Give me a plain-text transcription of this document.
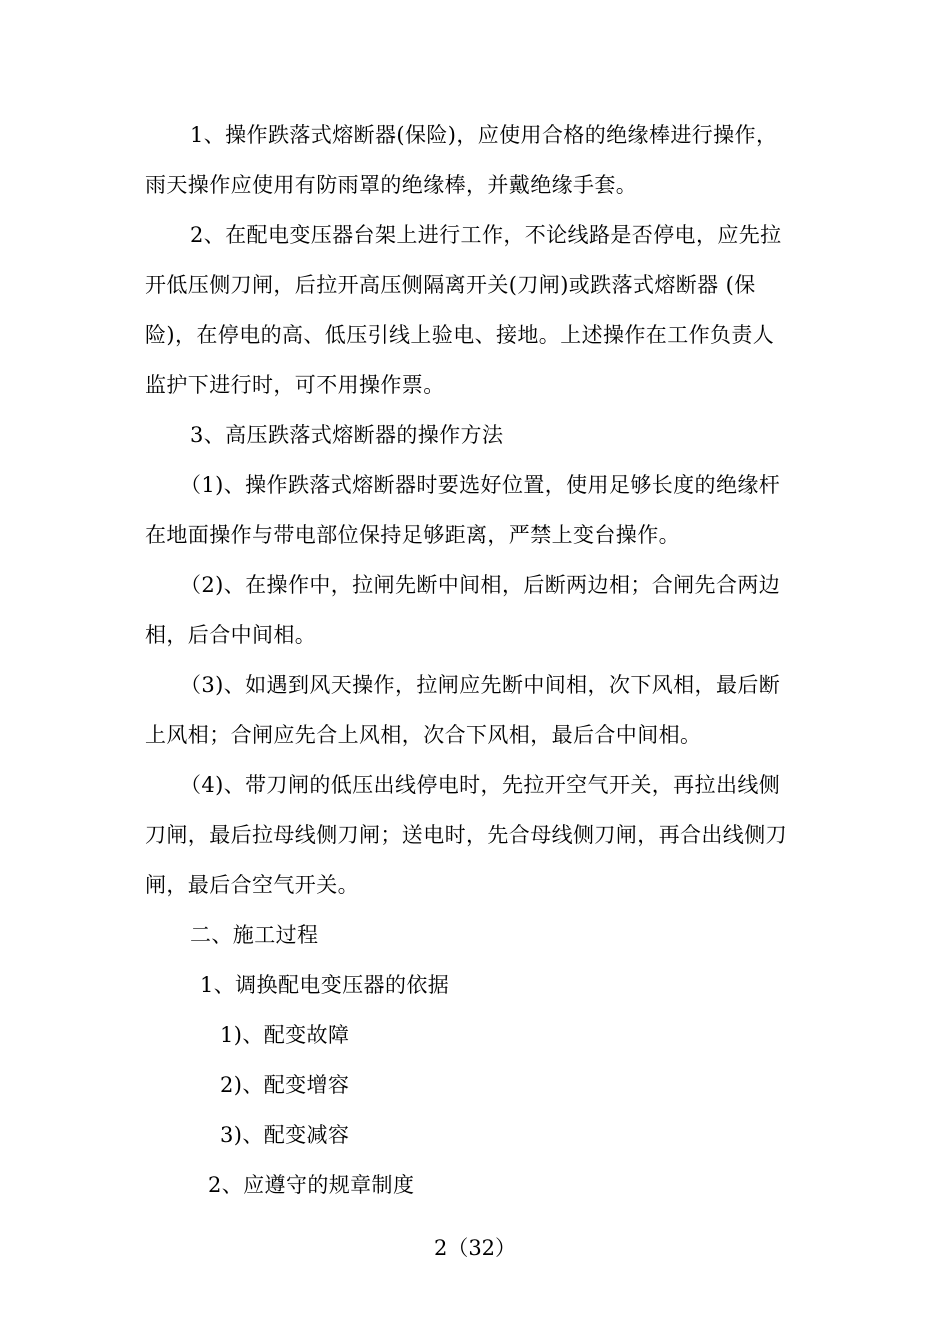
1、操作跌落式熔断器(保险)，应使用合格的绝缘棒进行操作，
雨天操作应使用有防雨罩的绝缘棒，并戴绝缘手套。
2、在配电变压器台架上进行工作，不论线路是否停电，应先拉
开低压侧刀闸，后拉开高压侧隔离开关(刀闸)或跌落式熔断器 (保
险)，在停电的高、低压引线上验电、接地。上述操作在工作负责人
监护下进行时，可不用操作票。
3、高压跌落式熔断器的操作方法
（1)、操作跌落式熔断器时要选好位置，使用足够长度的绝缘杆
在地面操作与带电部位保持足够距离，严禁上变台操作。
（2)、在操作中，拉闸先断中间相，后断两边相；合闸先合两边
相，后合中间相。
（3)、如遇到风天操作，拉闸应先断中间相，次下风相，最后断
上风相；合闸应先合上风相，次合下风相，最后合中间相。
（4)、带刀闸的低压出线停电时，先拉开空气开关，再拉出线侧
刀闸，最后拉母线侧刀闸；送电时，先合母线侧刀闸，再合出线侧刀
闸，最后合空气开关。
二、施工过程
1、调换配电变压器的依据
1)、配变故障
2)、配变增容
3)、配变减容
2、应遵守的规章制度
2（32）
